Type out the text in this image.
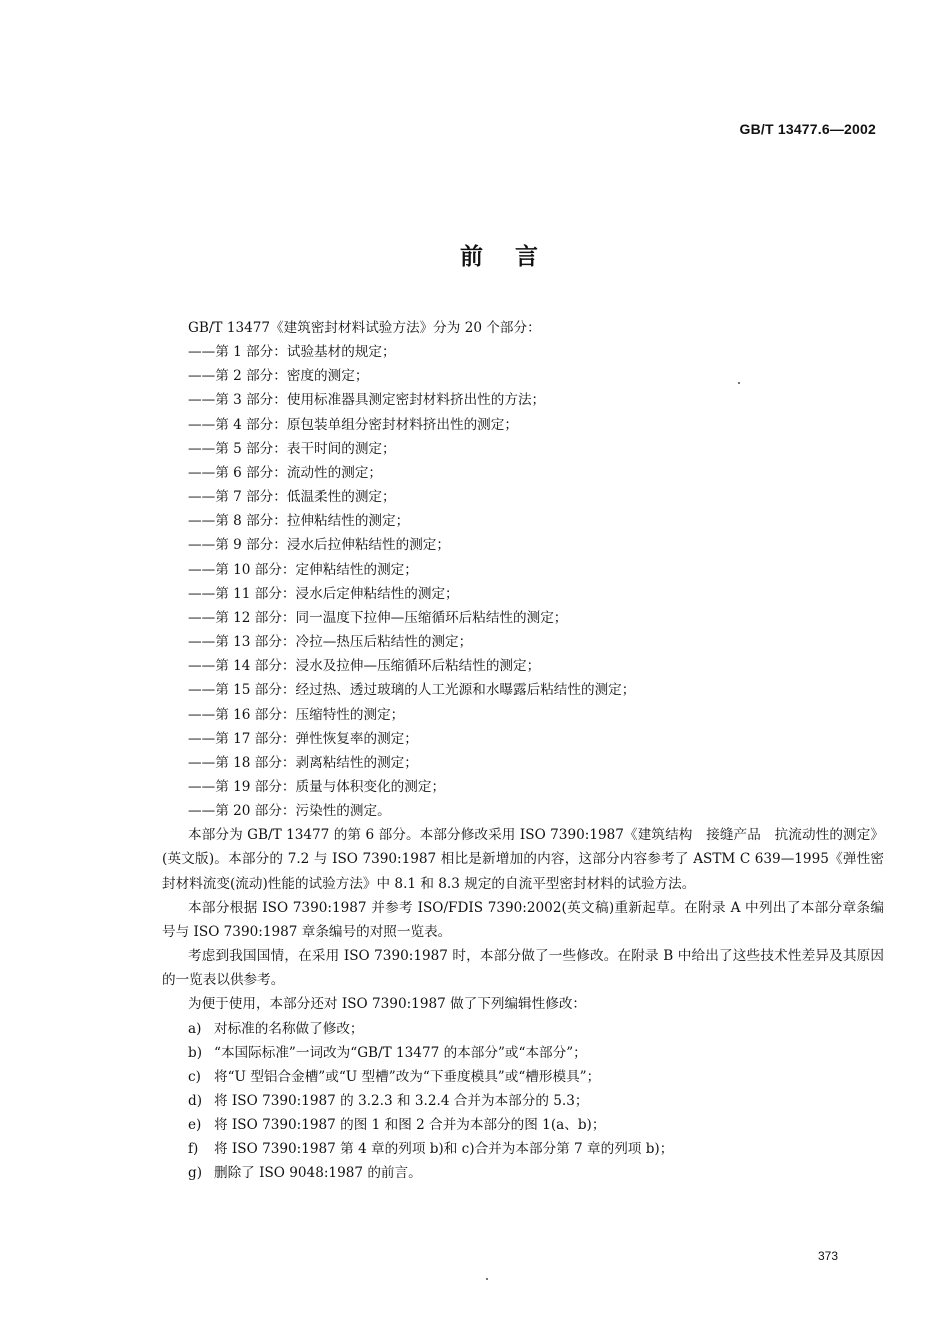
GB/T 13477.6—2002
前言

GB/T 13477《建筑密封材料试验方法》分为 20 个部分：

——第 1 部分：试验基材的规定；

——第 2 部分：密度的测定；

——第 3 部分：使用标准器具测定密封材料挤出性的方法；

——第 4 部分：原包装单组分密封材料挤出性的测定；

——第 5 部分：表干时间的测定；

——第 6 部分：流动性的测定；

——第 7 部分：低温柔性的测定；

——第 8 部分：拉伸粘结性的测定；

——第 9 部分：浸水后拉伸粘结性的测定；

——第 10 部分：定伸粘结性的测定；

——第 11 部分：浸水后定伸粘结性的测定；

——第 12 部分：同一温度下拉伸—压缩循环后粘结性的测定；

——第 13 部分：冷拉—热压后粘结性的测定；

——第 14 部分：浸水及拉伸—压缩循环后粘结性的测定；

——第 15 部分：经过热、透过玻璃的人工光源和水曝露后粘结性的测定；

——第 16 部分：压缩特性的测定；

——第 17 部分：弹性恢复率的测定；

——第 18 部分：剥离粘结性的测定；

——第 19 部分：质量与体积变化的测定；

——第 20 部分：污染性的测定。

本部分为 GB/T 13477 的第 6 部分。本部分修改采用 ISO 7390:1987《建筑结构　接缝产品　抗流动性的测定》(英文版)。本部分的 7.2 与 ISO 7390:1987 相比是新增加的内容，这部分内容参考了 ASTM C 639—1995《弹性密封材料流变(流动)性能的试验方法》中 8.1 和 8.3 规定的自流平型密封材料的试验方法。

本部分根据 ISO 7390:1987 并参考 ISO/FDIS 7390:2002(英文稿)重新起草。在附录 A 中列出了本部分章条编号与 ISO 7390:1987 章条编号的对照一览表。

考虑到我国国情，在采用 ISO 7390:1987 时，本部分做了一些修改。在附录 B 中给出了这些技术性差异及其原因的一览表以供参考。

为便于使用，本部分还对 ISO 7390:1987 做了下列编辑性修改：

a) 对标准的名称做了修改；

b) “本国际标准”一词改为“GB/T 13477 的本部分”或“本部分”；

c) 将“U 型铝合金槽”或“U 型槽”改为“下垂度模具”或“槽形模具”；

d) 将 ISO 7390:1987 的 3.2.3 和 3.2.4 合并为本部分的 5.3；

e) 将 ISO 7390:1987 的图 1 和图 2 合并为本部分的图 1(a、b)；

f) 将 ISO 7390:1987 第 4 章的列项 b)和 c)合并为本部分第 7 章的列项 b)；

g) 删除了 ISO 9048:1987 的前言。

373
